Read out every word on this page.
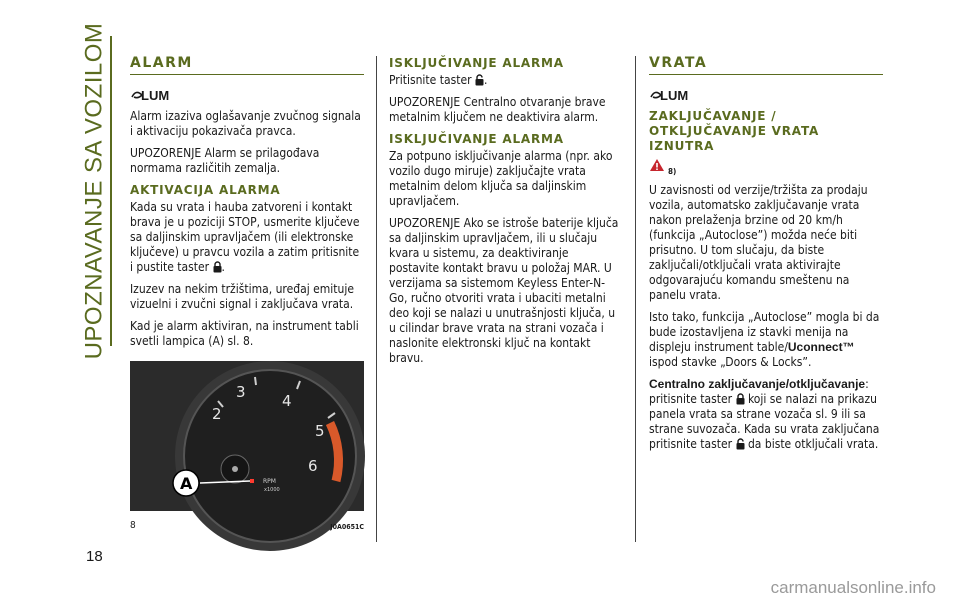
UPOZNAVANJE SA VOZILOM ALARM
LUM

Alarm izaziva oglašavanje zvučnog signala i aktivaciju pokazivača pravca.

UPOZORENJE Alarm se prilagođava normama različitih zemalja.

AKTIVACIJA ALARMA

Kada su vrata i hauba zatvoreni i kontakt brava je u poziciji STOP, usmerite ključeve sa daljinskim upravljačem (ili elektronske ključeve) u pravcu vozila a zatim pritisnite i pustite taster .

Izuzev na nekim tržištima, uređaj emituje vizuelni i zvučni signal i zaključava vrata.

Kad je alarm aktiviran, na instrument tabli svetli lampica (A) sl. 8.

2
3 4
5
6
RPM
x1000
A
8	J0A0651C
ISKLJUČIVANJE ALARMA

Pritisnite taster .

UPOZORENJE Centralno otvaranje brave metalnim ključem ne deaktivira alarm.

ISKLJUČIVANJE ALARMA

Za potpuno isključivanje alarma (npr. ako vozilo dugo miruje) zaključajte vrata metalnim delom ključa sa daljinskim upravljačem.

UPOZORENJE Ako se istroše baterije ključa sa daljinskim upravljačem, ili u slučaju kvara u sistemu, za deaktiviranje postavite kontakt bravu u položaj MAR. U verzijama sa sistemom Keyless Enter-N-Go, ručno otvoriti vrata i ubaciti metalni deo koji se nalazi u unutrašnjosti ključa, u u cilindar brave vrata na strani vozača i naslonite elektronski ključ na kontakt bravu.

VRATA
LUM
ZAKLJUČAVANJE / OTKLJUČAVANJE VRATA IZNUTRA
8)

U zavisnosti od verzije/tržišta za prodaju vozila, automatsko zaključavanje vrata nakon prelaženja brzine od 20 km/h (funkcija „Autoclose”) možda neće biti prisutno. U tom slučaju, da biste zaključali/otključali vrata aktivirajte odgovarajuću komandu smeštenu na panelu vrata.

Isto tako, funkcija „Autoclose” mogla bi da bude izostavljena iz stavki menija na displeju instrument table/Uconnect™ ispod stavke „Doors & Locks”.

Centralno zaključavanje/otključavanje:

pritisnite taster  koji se nalazi na prikazu panela vrata sa strane vozača sl. 9 ili sa strane suvozača. Kada su vrata zaključana pritisnite taster  da biste otključali vrata.

18
carmanualsonline.info
